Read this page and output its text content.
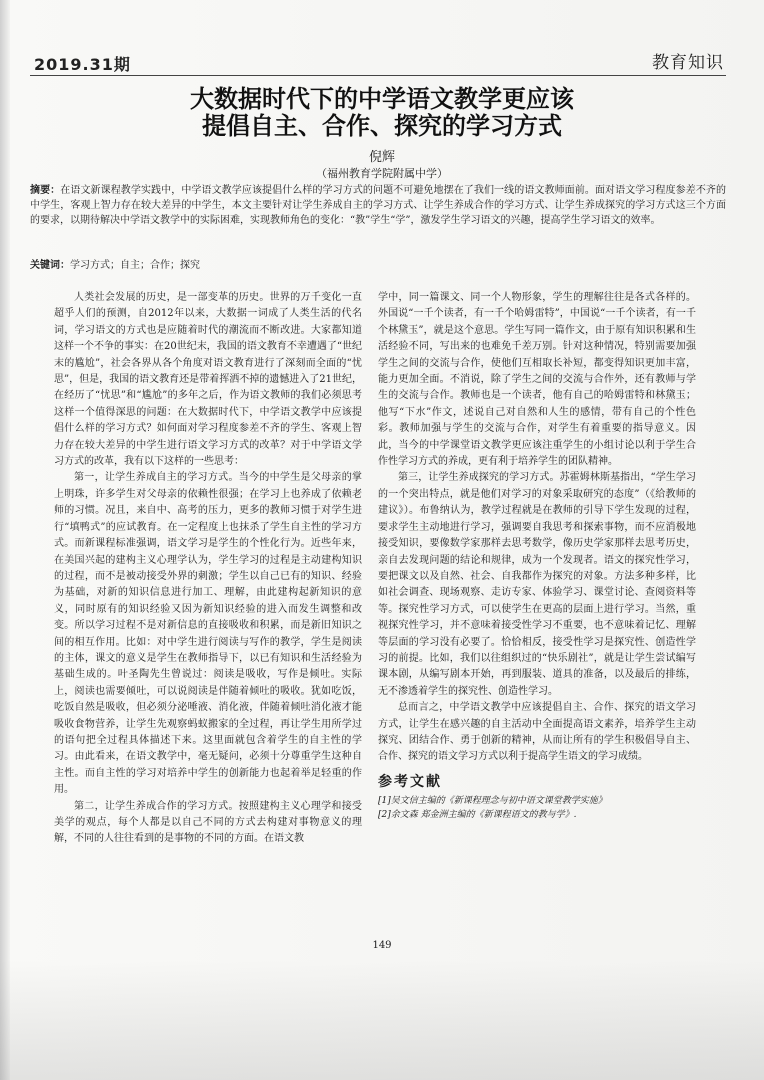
2019.31期	教育知识
大数据时代下的中学语文教学更应该
提倡自主、合作、探究的学习方式
倪辉
（福州教育学院附属中学）
摘要：在语文新课程教学实践中，中学语文教学应该提倡什么样的学习方式的问题不可避免地摆在了我们一线的语文教师面前。面对语文学习程度参差不齐的中学生，客观上智力存在较大差异的中学生，本文主要针对让学生养成自主的学习方式、让学生养成合作的学习方式、让学生养成探究的学习方式这三个方面的要求，以期待解决中学语文教学中的实际困难，实现教师角色的变化：“教”学生“学”，激发学生学习语文的兴趣，提高学生学习语文的效率。
关键词：学习方式；自主；合作；探究

人类社会发展的历史，是一部变革的历史。世界的万千变化一直超乎人们的预测，自2012年以来，大数据一词成了人类生活的代名词，学习语文的方式也是应随着时代的潮流而不断改进。大家都知道这样一个不争的事实：在20世纪末，我国的语文教育不幸遭遇了“世纪末的尴尬”，社会各界从各个角度对语文教育进行了深刻而全面的“忧思”，但是，我国的语文教育还是带着挥洒不掉的遗憾进入了21世纪，在经历了“忧思”和“尴尬”的多年之后，作为语文教师的我们必须思考这样一个值得深思的问题：在大数据时代下，中学语文教学中应该提倡什么样的学习方式？如何面对学习程度参差不齐的学生、客观上智力存在较大差异的中学生进行语文学习方式的改革？对于中学语文学习方式的改革，我有以下这样的一些思考：

第一，让学生养成自主的学习方式。当今的中学生是父母亲的掌上明珠，许多学生对父母亲的依赖性很强；在学习上也养成了依赖老师的习惯。况且，来自中、高考的压力，更多的教师习惯于对学生进行“填鸭式”的应试教育。在一定程度上也抹杀了学生自主性的学习方式。而新课程标准强调，语文学习是学生的个性化行为。近些年来，在美国兴起的建构主义心理学认为，学生学习的过程是主动建构知识的过程，而不是被动接受外界的刺激；学生以自己已有的知识、经验为基础，对新的知识信息进行加工、理解，由此建构起新知识的意义，同时原有的知识经验又因为新知识经验的进入而发生调整和改变。所以学习过程不是对新信息的直接吸收和积累，而是新旧知识之间的相互作用。比如：对中学生进行阅读与写作的教学，学生是阅读的主体，课文的意义是学生在教师指导下，以已有知识和生活经验为基础生成的。叶圣陶先生曾说过：阅读是吸收，写作是倾吐。实际上，阅读也需要倾吐，可以说阅读是伴随着倾吐的吸收。犹如吃饭，吃饭自然是吸收，但必须分泌唾液、消化液，伴随着倾吐消化液才能吸收食物营养，让学生先观察蚂蚁搬家的全过程，再让学生用所学过的语句把全过程具体描述下来。这里面就包含着学生的自主性的学习。由此看来，在语文教学中，毫无疑问，必须十分尊重学生这种自主性。而自主性的学习对培养中学生的创新能力也起着举足轻重的作用。

第二，让学生养成合作的学习方式。按照建构主义心理学和接受美学的观点，每个人都是以自己不同的方式去构建对事物意义的理解，不同的人往往看到的是事物的不同的方面。在语文教

学中，同一篇课文、同一个人物形象，学生的理解往往是各式各样的。外国说“一千个读者，有一千个哈姆雷特”，中国说“一千个读者，有一千个林黛玉”，就是这个意思。学生写同一篇作文，由于原有知识积累和生活经验不同，写出来的也难免千差万别。针对这种情况，特别需要加强学生之间的交流与合作，使他们互相取长补短，都变得知识更加丰富，能力更加全面。不消说，除了学生之间的交流与合作外，还有教师与学生的交流与合作。教师也是一个读者，他有自己的哈姆雷特和林黛玉；他写“下水”作文，述说自己对自然和人生的感情，带有自己的个性色彩。教师加强与学生的交流与合作，对学生有着重要的指导意义。因此，当今的中学课堂语文教学更应该注重学生的小组讨论以利于学生合作性学习方式的养成，更有利于培养学生的团队精神。

第三，让学生养成探究的学习方式。苏霍姆林斯基指出，“学生学习的一个突出特点，就是他们对学习的对象采取研究的态度”（《给教师的建议》）。布鲁纳认为，教学过程就是在教师的引导下学生发现的过程，要求学生主动地进行学习，强调要自我思考和探索事物，而不应消极地接受知识，要像数学家那样去思考数学，像历史学家那样去思考历史，亲自去发现问题的结论和规律，成为一个发现者。语文的探究性学习，要把课文以及自然、社会、自我都作为探究的对象。方法多种多样，比如社会调查、现场观察、走访专家、体验学习、课堂讨论、查阅资料等等。探究性学习方式，可以使学生在更高的层面上进行学习。当然，重视探究性学习，并不意味着接受性学习不重要，也不意味着记忆、理解等层面的学习没有必要了。恰恰相反，接受性学习是探究性、创造性学习的前提。比如，我们以往组织过的“快乐剧社”，就是让学生尝试编写课本剧，从编写剧本开始，再到服装、道具的准备，以及最后的排练，无不渗透着学生的探究性、创造性学习。

总而言之，中学语文教学中应该提倡自主、合作、探究的语文学习方式，让学生在感兴趣的自主活动中全面提高语文素养，培养学生主动探究、团结合作、勇于创新的精神，从而让所有的学生积极倡导自主、合作、探究的语文学习方式以利于提高学生语文的学习成绩。

参考文献
[1]吴文信主编的《新课程理念与初中语文课堂教学实施》
[2]余文森 郑金洲主编的《新课程语文的教与学》.
149
